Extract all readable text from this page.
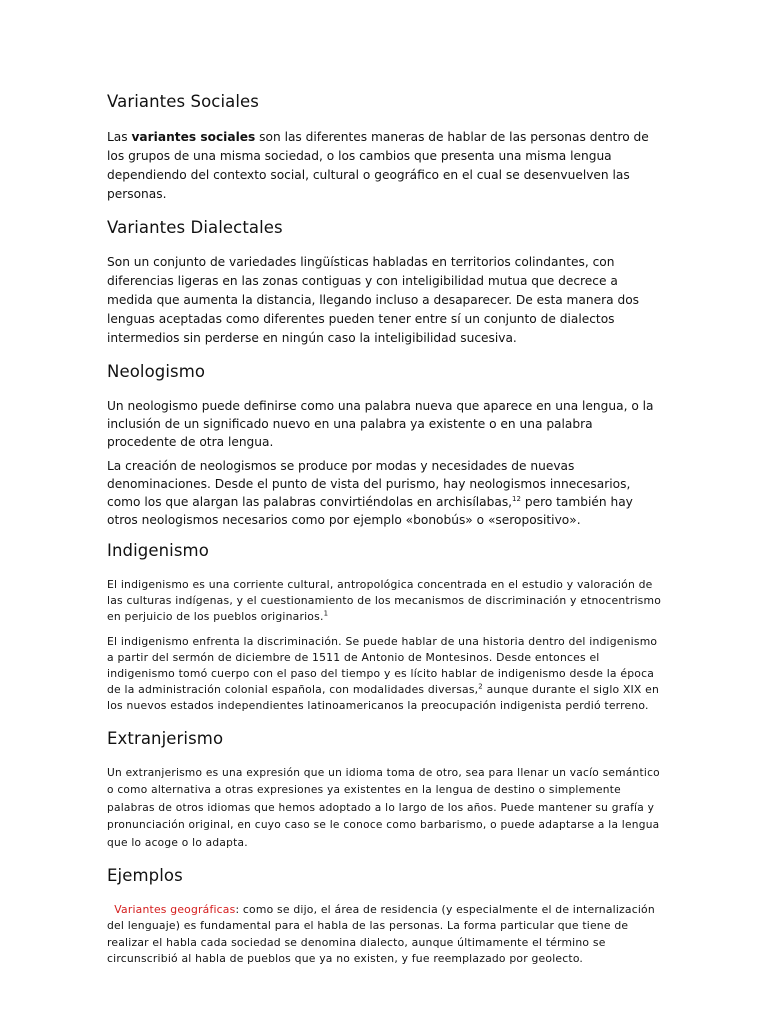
Variantes Sociales

Las variantes sociales son las diferentes maneras de hablar de las personas dentro de los grupos de una misma sociedad, o los cambios que presenta una misma lengua dependiendo del contexto social, cultural o geográfico en el cual se desenvuelven las personas.

Variantes Dialectales

Son un conjunto de variedades lingüísticas habladas en territorios colindantes, con diferencias ligeras en las zonas contiguas y con inteligibilidad mutua que decrece a medida que aumenta la distancia, llegando incluso a desaparecer. De esta manera dos lenguas aceptadas como diferentes pueden tener entre sí un conjunto de dialectos intermedios sin perderse en ningún caso la inteligibilidad sucesiva.

Neologismo

Un neologismo puede definirse como una palabra nueva que aparece en una lengua, o la inclusión de un significado nuevo en una palabra ya existente o en una palabra procedente de otra lengua.

La creación de neologismos se produce por modas y necesidades de nuevas denominaciones. Desde el punto de vista del purismo, hay neologismos innecesarios, como los que alargan las palabras convirtiéndolas en archisílabas,$^{12}$ pero también hay otros neologismos necesarios como por ejemplo «bonobús» o «seropositivo».

Indigenismo

El indigenismo es una corriente cultural, antropológica concentrada en el estudio y valoración de las culturas indígenas, y el cuestionamiento de los mecanismos de discriminación y etnocentrismo en perjuicio de los pueblos originarios.$^1$

El indigenismo enfrenta la discriminación. Se puede hablar de una historia dentro del indigenismo a partir del sermón de diciembre de 1511 de Antonio de Montesinos. Desde entonces el indigenismo tomó cuerpo con el paso del tiempo y es lícito hablar de indigenismo desde la época de la administración colonial española, con modalidades diversas,$^2$ aunque durante el siglo XIX en los nuevos estados independientes latinoamericanos la preocupación indigenista perdió terreno.

Extranjerismo

Un extranjerismo es una expresión que un idioma toma de otro, sea para llenar un vacío semántico o como alternativa a otras expresiones ya existentes en la lengua de destino o simplemente palabras de otros idiomas que hemos adoptado a lo largo de los años. Puede mantener su grafía y pronunciación original, en cuyo caso se le conoce como barbarismo, o puede adaptarse a la lengua que lo acoge o lo adapta.

Ejemplos

Variantes geográficas: como se dijo, el área de residencia (y especialmente el de internalización del lenguaje) es fundamental para el habla de las personas. La forma particular que tiene de realizar el habla cada sociedad se denomina dialecto, aunque últimamente el término se circunscribió al habla de pueblos que ya no existen, y fue reemplazado por geolecto.
